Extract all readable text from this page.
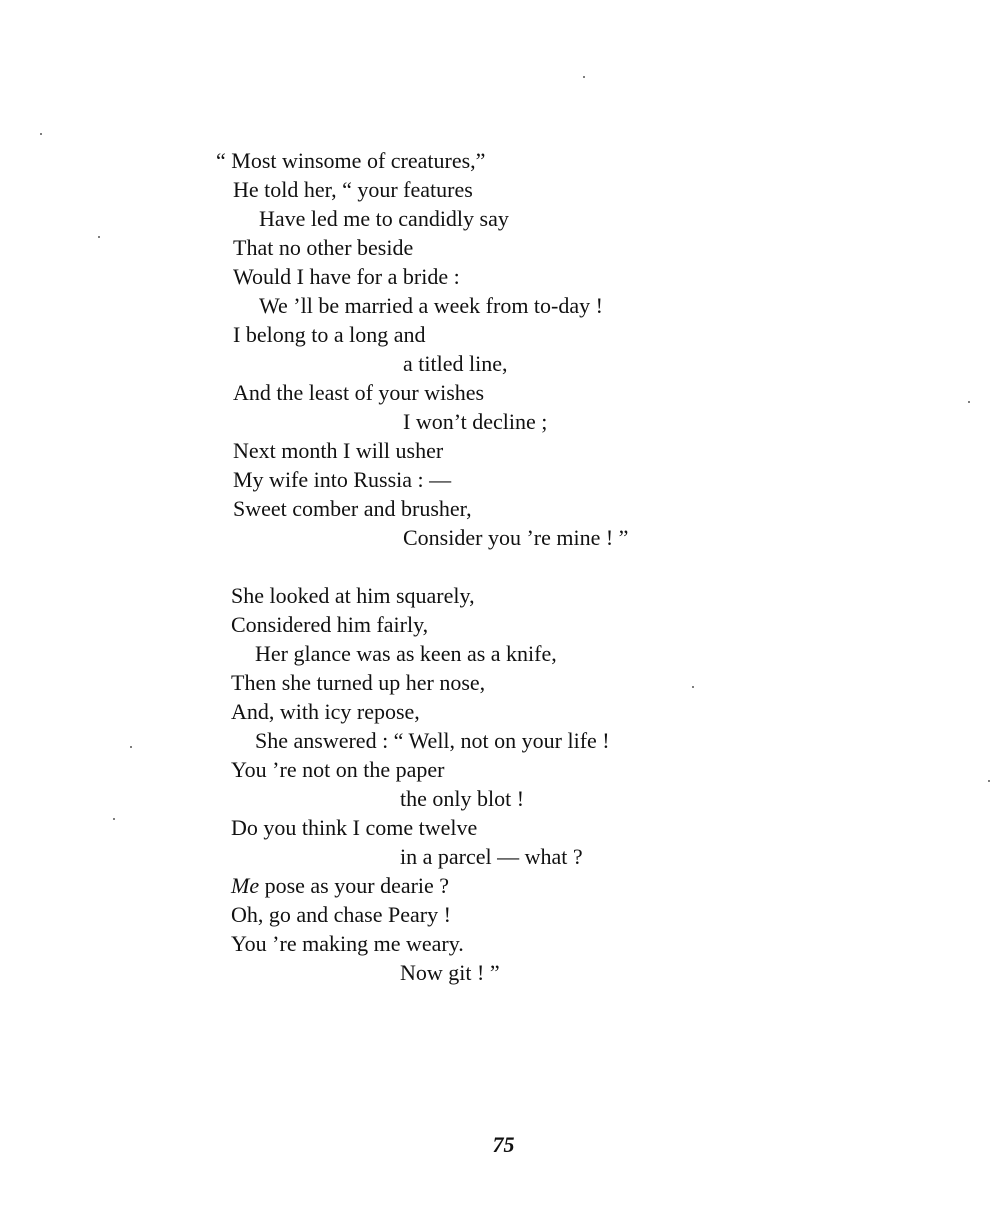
“ Most winsome of creatures,”
He told her, “ your features
Have led me to candidly say
That no other beside
Would I have for a bride :
We ’ll be married a week from to-day !
I belong to a long and
a titled line,
And the least of your wishes
I won’t decline ;
Next month I will usher
My wife into Russia : —
Sweet comber and brusher,
Consider you ’re mine ! ”
She looked at him squarely,
Considered him fairly,
Her glance was as keen as a knife,
Then she turned up her nose,
And, with icy repose,
She answered : “ Well, not on your life !
You ’re not on the paper
the only blot !
Do you think I come twelve
in a parcel — what ?
Me pose as your dearie ?
Oh, go and chase Peary !
You ’re making me weary.
Now git ! ”
75
